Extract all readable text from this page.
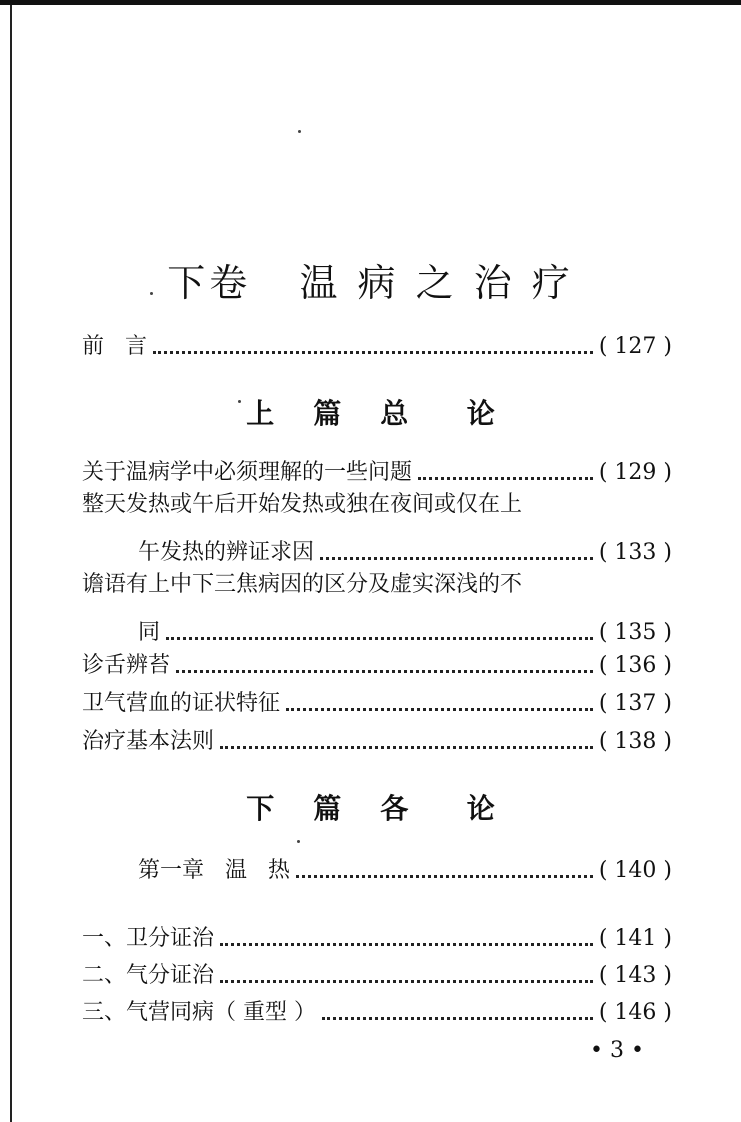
下卷   温 病 之 治 疗
前   言	( 127 )
上    篇    总      论
关于温病学中必须理解的一些问题	( 129 )
整天发热或午后开始发热或独在夜间或仅在上
午发热的辨证求因	( 133 )
谵语有上中下三焦病因的区分及虚实深浅的不
同	( 135 )
诊舌辨苔	( 136 )
卫气营血的证状特征	( 137 )
治疗基本法则	( 138 )
下    篇    各      论
第一章   温   热	( 140 )
一、卫分证治	( 141 )
二、气分证治	( 143 )
三、气营同病（ 重型 ）	( 146 )
• 3 •
